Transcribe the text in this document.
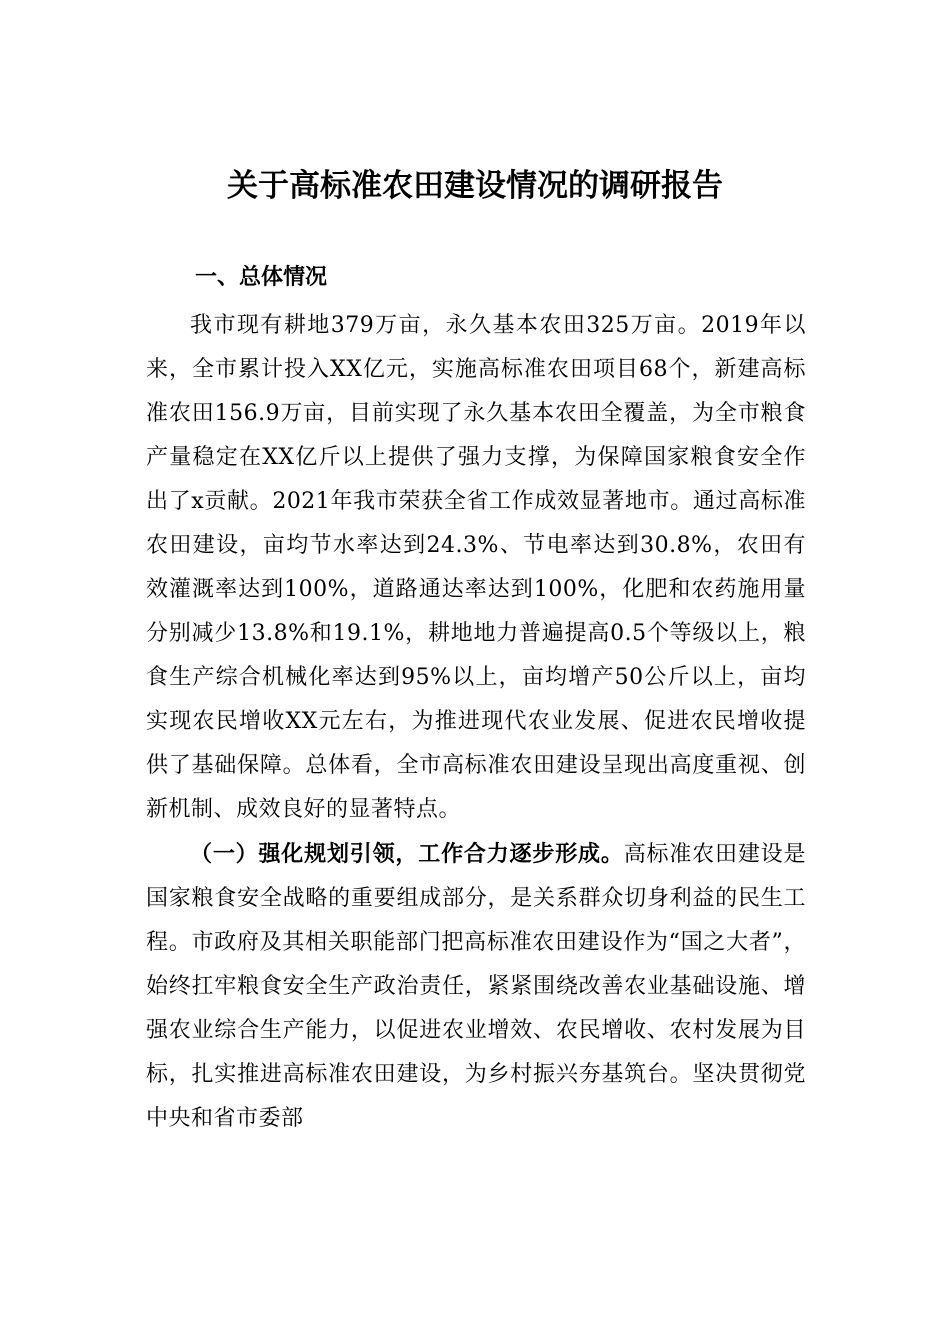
关于高标准农田建设情况的调研报告
一、总体情况

我市现有耕地379万亩，永久基本农田325万亩。2019年以来，全市累计投入XX亿元，实施高标准农田项目68个，新建高标准农田156.9万亩，目前实现了永久基本农田全覆盖，为全市粮食产量稳定在XX亿斤以上提供了强力支撑，为保障国家粮食安全作出了x贡献。2021年我市荣获全省工作成效显著地市。通过高标准农田建设，亩均节水率达到24.3%、节电率达到30.8%，农田有效灌溉率达到100%，道路通达率达到100%，化肥和农药施用量分别减少13.8%和19.1%，耕地地力普遍提高0.5个等级以上，粮食生产综合机械化率达到95%以上，亩均增产50公斤以上，亩均实现农民增收XX元左右，为推进现代农业发展、促进农民增收提供了基础保障。总体看，全市高标准农田建设呈现出高度重视、创新机制、成效良好的显著特点。

（一）强化规划引领，工作合力逐步形成。高标准农田建设是国家粮食安全战略的重要组成部分，是关系群众切身利益的民生工程。市政府及其相关职能部门把高标准农田建设作为“国之大者”，始终扛牢粮食安全生产政治责任，紧紧围绕改善农业基础设施、增强农业综合生产能力，以促进农业增效、农民增收、农村发展为目标，扎实推进高标准农田建设，为乡村振兴夯基筑台。坚决贯彻党中央和省市委部
